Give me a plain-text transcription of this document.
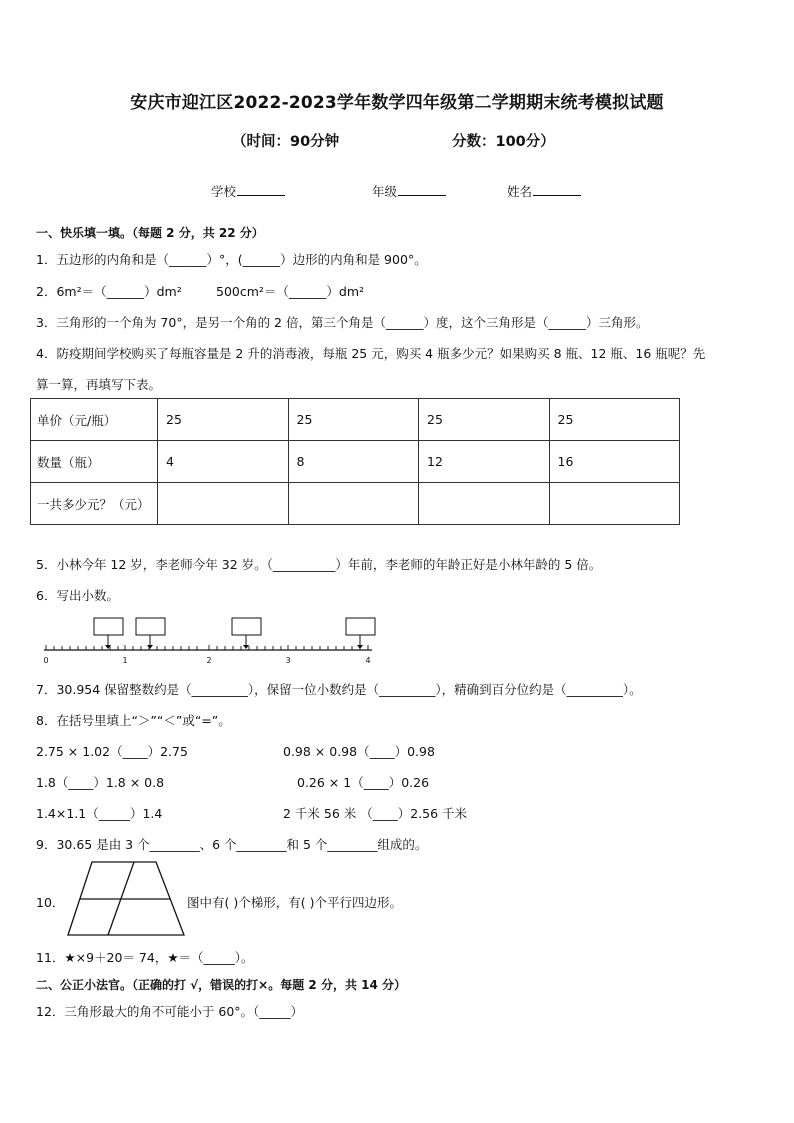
安庆市迎江区2022-2023学年数学四年级第二学期期末统考模拟试题
（时间：90分钟	分数：100分）
学校	年级	姓名
一、快乐填一填。（每题 2 分，共 22 分）
1．五边形的内角和是（______）°，(______）边形的内角和是 900°。
2．6m²＝（______）dm²	500cm²＝（______）dm²
3．三角形的一个角为 70°，是另一个角的 2 倍，第三个角是（______）度，这个三角形是（______）三角形。
4．防疫期间学校购买了每瓶容量是 2 升的消毒液，每瓶 25 元，购买 4 瓶多少元？如果购买 8 瓶、12 瓶、16 瓶呢？先
算一算，再填写下表。
单价（元/瓶）	25	25	25	25
数量（瓶）	4	8	12	16
一共多少元？（元）				
5．小林今年 12 岁，李老师今年 32 岁。（__________）年前，李老师的年龄正好是小林年龄的 5 倍。
6．写出小数。
0	1	2	3	4
7．30.954 保留整数约是（_________），保留一位小数约是（_________），精确到百分位约是（_________）。
8．在括号里填上“＞”“＜”或“=”。
2.75 × 1.02（____）2.75	0.98 × 0.98（____）0.98
1.8（____）1.8 × 0.8	0.26 × 1（____）0.26
1.4×1.1（_____）1.4	2 千米 56 米 （____）2.56 千米
9．30.65 是由 3 个________、6 个________和 5 个________组成的。
10．	图中有( )个梯形，有( )个平行四边形。
11．★×9＋20＝ 74，★＝（_____）。
二、公正小法官。（正确的打 √，错误的打×。每题 2 分，共 14 分）
12．三角形最大的角不可能小于 60°。（_____）
